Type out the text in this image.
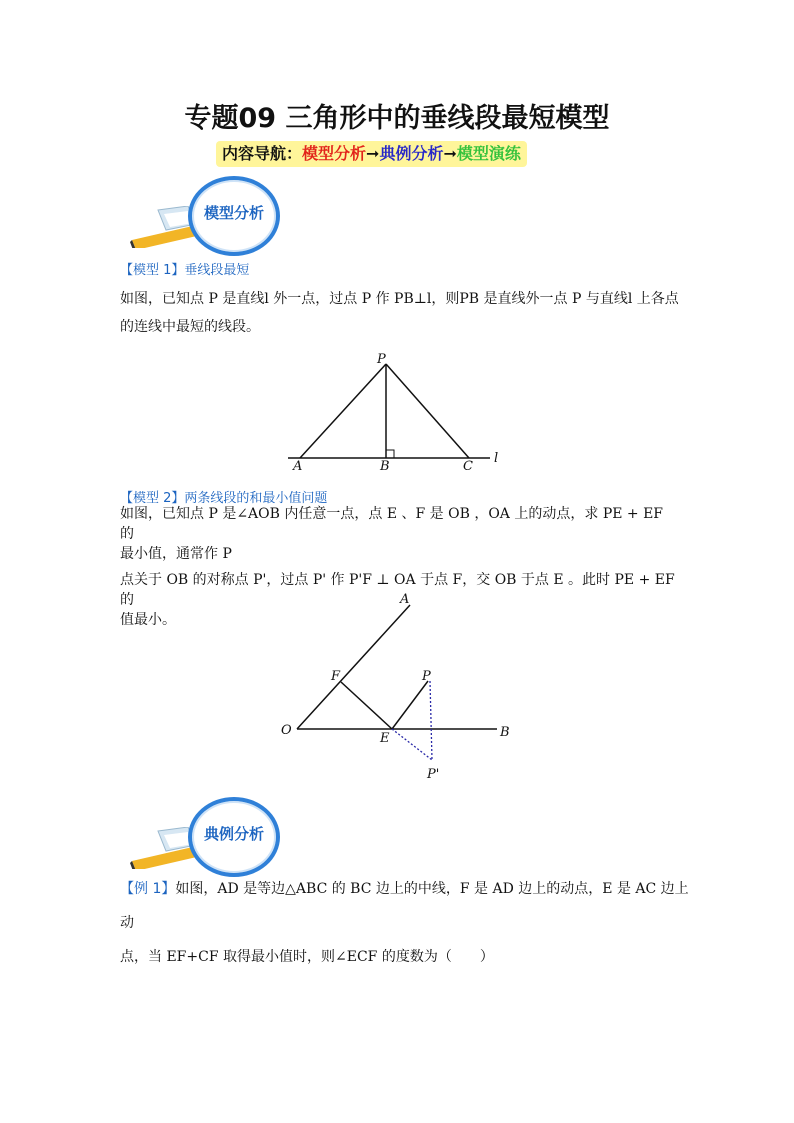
专题09 三角形中的垂线段最短模型
内容导航：模型分析➞典例分析➞模型演练
模型分析
【模型 1】垂线段最短
如图，已知点 P 是直线l 外一点，过点 P 作 PB⊥l，则PB 是直线外一点 P 与直线l 上各点
的连线中最短的线段。
P
A	B	C
l
【模型 2】两条线段的和最小值问题
如图，已知点 P 是∠AOB 内任意一点，点 E 、F 是 OB ，OA 上的动点，求 PE + EF 的
最小值，通常作 P
点关于 OB 的对称点 P'，过点 P' 作 P'F ⊥ OA 于点 F，交 OB 于点 E 。此时 PE + EF 的
值最小。
A
F	P
O
E	B
P'
典例分析
【例 1】如图，AD 是等边△ABC 的 BC 边上的中线，F 是 AD 边上的动点，E 是 AC 边上动
点，当 EF+CF 取得最小值时，则∠ECF 的度数为（　　）
